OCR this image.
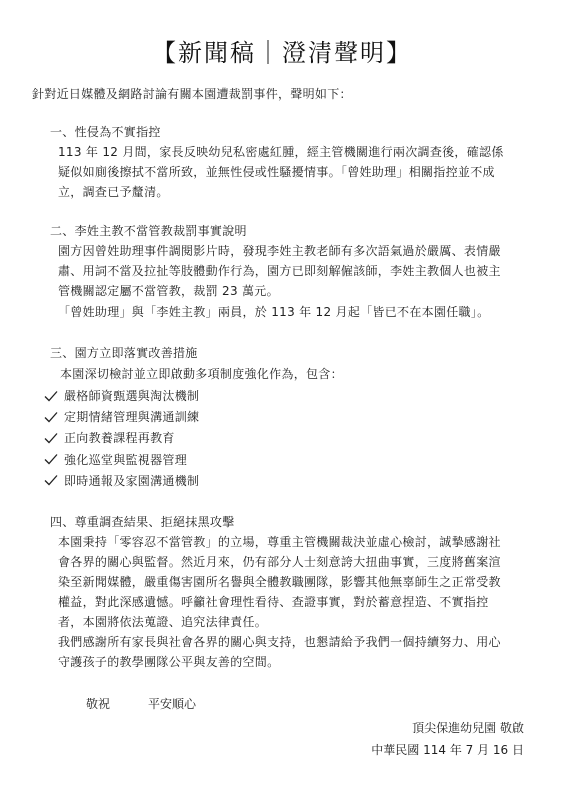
【新聞稿｜澄清聲明】
針對近日媒體及網路討論有關本園遭裁罰事件，聲明如下：
一、性侵為不實指控
113 年 12 月間，家長反映幼兒私密處紅腫，經主管機關進行兩次調查後，確認係
疑似如廁後擦拭不當所致，並無性侵或性騷擾情事。「曾姓助理」相關指控並不成
立，調查已予釐清。
二、李姓主教不當管教裁罰事實說明
園方因曾姓助理事件調閱影片時，發現李姓主教老師有多次語氣過於嚴厲、表情嚴
肅、用詞不當及拉扯等肢體動作行為，園方已即刻解僱該師，李姓主教個人也被主
管機關認定屬不當管教，裁罰 23 萬元。
「曾姓助理」與「李姓主教」兩員，於 113 年 12 月起「皆已不在本園任職」。
三、園方立即落實改善措施
本園深切檢討並立即啟動多項制度強化作為，包含：
嚴格師資甄選與淘汰機制
定期情緒管理與溝通訓練
正向教養課程再教育
強化巡堂與監視器管理
即時通報及家園溝通機制
四、尊重調查結果、拒絕抹黑攻擊
本園秉持「零容忍不當管教」的立場，尊重主管機關裁決並虛心檢討，誠摯感謝社
會各界的關心與監督。然近月來，仍有部分人士刻意誇大扭曲事實，三度將舊案渲
染至新聞媒體，嚴重傷害園所名譽與全體教職團隊，影響其他無辜師生之正常受教
權益，對此深感遺憾。呼籲社會理性看待、查證事實，對於蓄意捏造、不實指控
者，本園將依法蒐證、追究法律責任。
我們感謝所有家長與社會各界的關心與支持，也懇請給予我們一個持續努力、用心
守護孩子的教學團隊公平與友善的空間。
敬祝	平安順心
頂尖保進幼兒園 敬啟
中華民國 114 年 7 月 16 日
